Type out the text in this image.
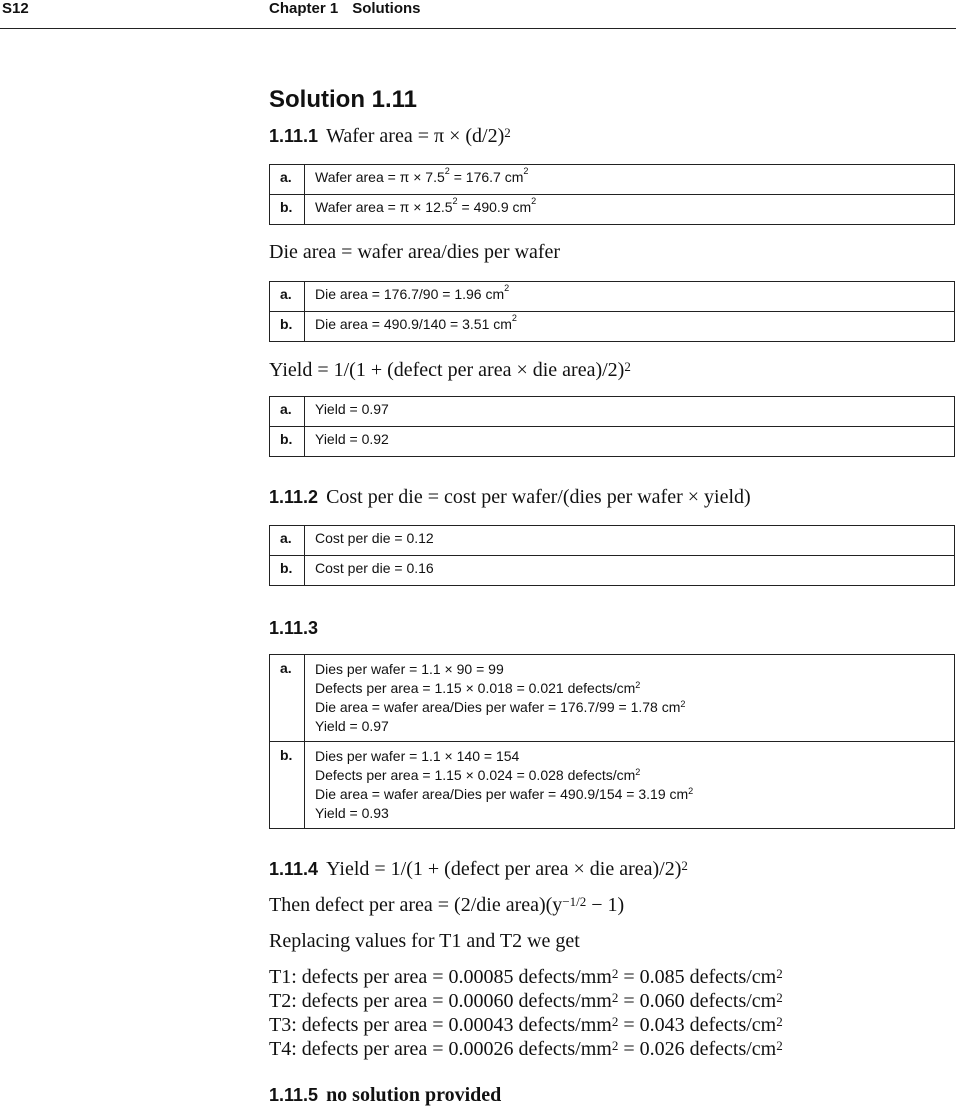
S12	Chapter 1 Solutions
Solution 1.11
1.11.1 Wafer area = $\pi \times (d/2)^2$
a.	Wafer area = $\pi \times 7.5^2 = 176.7$ $cm^2$
b.	Wafer area = $\pi \times 12.5^2 = 490.9$ $cm^2$
Die area = wafer area/dies per wafer
a.	Die area = 176.7/90 = 1.96 $cm^2$
b.	Die area = 490.9/140 = 3.51 $cm^2$
Yield = 1/(1 + (defect per area × die area)/2)$^2$
a.	Yield = 0.97
b.	Yield = 0.92
1.11.2 Cost per die = cost per wafer/(dies per wafer × yield)
a.	Cost per die = 0.12
b.	Cost per die = 0.16
1.11.3
a.	Dies per wafer = 1.1 × 90 = 99
Defects per area = 1.15 × 0.018 = 0.021 defects/$cm^2$
Die area = wafer area/Dies per wafer = 176.7/99 = 1.78 $cm^2$
Yield = 0.97

b.	Dies per wafer = 1.1 × 140 = 154
Defects per area = 1.15 × 0.024 = 0.028 defects/$cm^2$
Die area = wafer area/Dies per wafer = 490.9/154 = 3.19 $cm^2$
Yield = 0.93
1.11.4 Yield = 1/(1 + (defect per area × die area)/2)$^2$
Then defect per area = (2/die $area)(y^{-1/2} - 1)$
Replacing values for T1 and T2 we get
T1: defects per area = 0.00085 defects/$mm^2 = 0.085$ defects/$cm^2$
T2: defects per area = 0.00060 defects/$mm^2 = 0.060$ defects/$cm^2$
T3: defects per area = 0.00043 defects/$mm^2 = 0.043$ defects/$cm^2$
T4: defects per area = 0.00026 defects/$mm^2 = 0.026$ defects/$cm^2$
1.11.5 no solution provided
